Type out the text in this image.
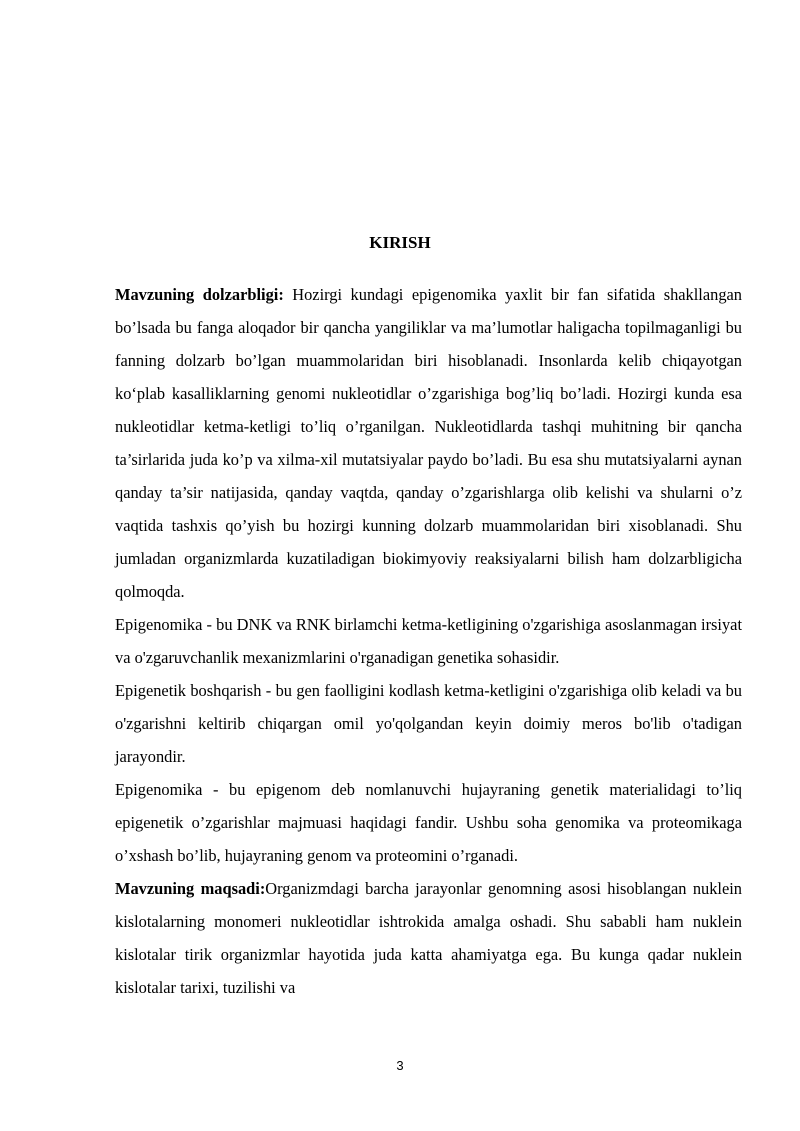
KIRISH

Mavzuning dolzarbligi: Hozirgi kundagi epigenomika yaxlit bir fan sifatida shakllangan bo’lsada bu fanga aloqador bir qancha yangiliklar va ma’lumotlar haligacha topilmaganligi bu fanning dolzarb bo’lgan muammolaridan biri hisoblanadi. Insonlarda kelib chiqayotgan ko‘plab kasalliklarning genomi nukleotidlar o’zgarishiga bog’liq bo’ladi. Hozirgi kunda esa nukleotidlar ketma-ketligi to’liq o’rganilgan. Nukleotidlarda tashqi muhitning bir qancha ta’sirlarida juda ko’p va xilma-xil mutatsiyalar paydo bo’ladi. Bu esa shu mutatsiyalarni aynan qanday ta’sir natijasida, qanday vaqtda, qanday o’zgarishlarga olib kelishi va shularni o’z vaqtida tashxis qo’yish bu hozirgi kunning dolzarb muammolaridan biri xisoblanadi. Shu jumladan organizmlarda kuzatiladigan biokimyoviy reaksiyalarni bilish ham dolzarbligicha qolmoqda.

Epigenomika - bu DNK va RNK birlamchi ketma-ketligining o'zgarishiga asoslanmagan irsiyat va o'zgaruvchanlik mexanizmlarini o'rganadigan genetika sohasidir.

Epigenetik boshqarish - bu gen faolligini kodlash ketma-ketligini o'zgarishiga olib keladi va bu o'zgarishni keltirib chiqargan omil yo'qolgandan keyin doimiy meros bo'lib o'tadigan jarayondir.

Epigenomika - bu epigenom deb nomlanuvchi hujayraning genetik materialidagi to’liq epigenetik o’zgarishlar majmuasi haqidagi fandir. Ushbu soha genomika va proteomikaga o’xshash bo’lib, hujayraning genom va proteomini o’rganadi.

Mavzuning maqsadi:Organizmdagi barcha jarayonlar genomning asosi hisoblangan nuklein kislotalarning monomeri nukleotidlar ishtrokida amalga oshadi. Shu sababli ham nuklein kislotalar tirik organizmlar hayotida juda katta ahamiyatga ega. Bu kunga qadar nuklein kislotalar tarixi, tuzilishi va

3
